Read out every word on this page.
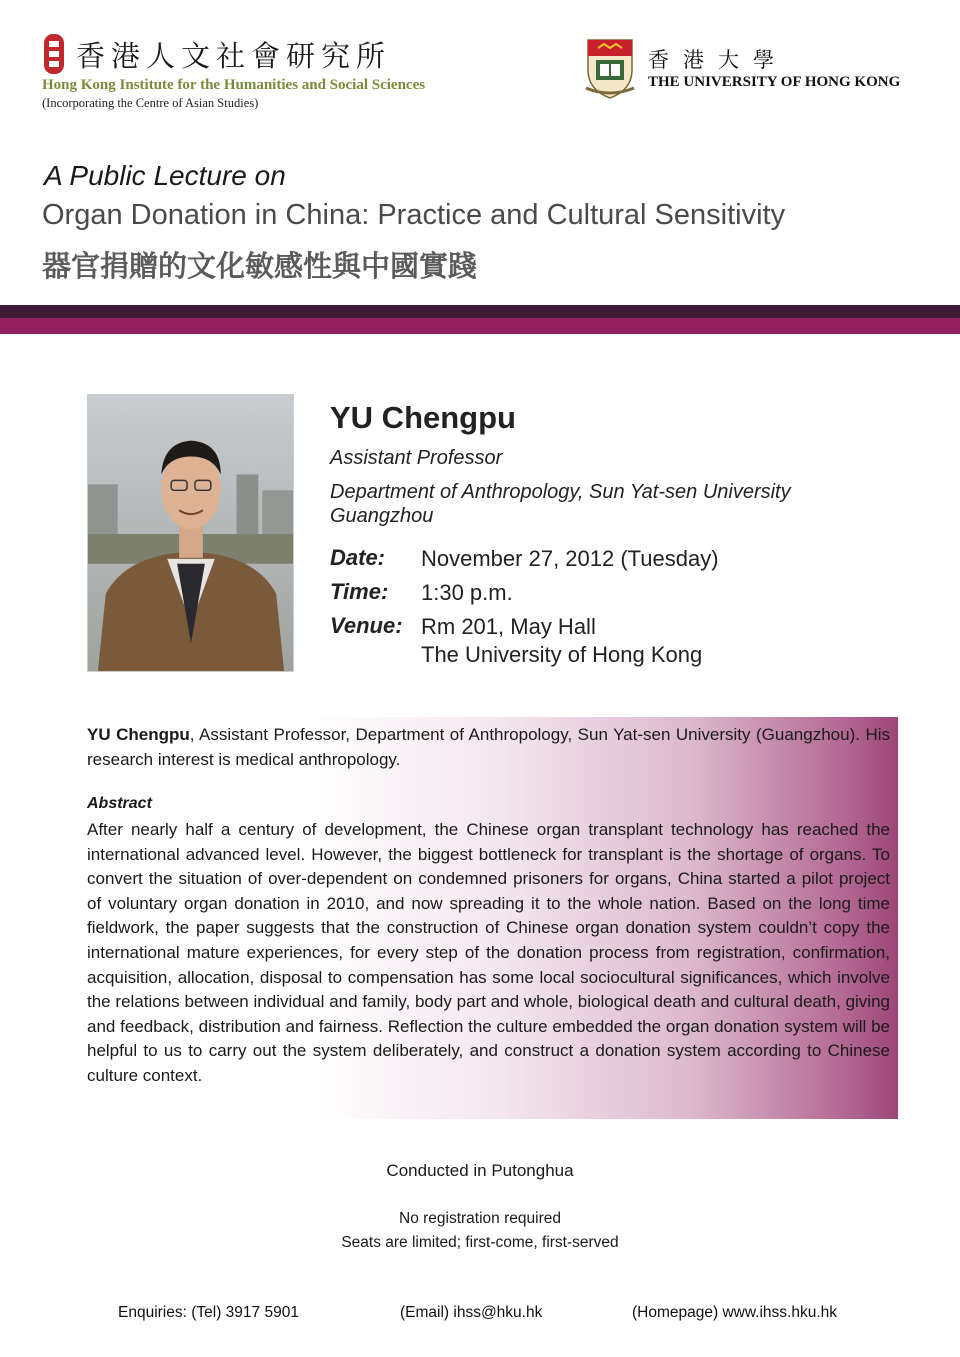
香港人文社會研究所
Hong Kong Institute for the Humanities and Social Sciences
(Incorporating the Centre of Asian Studies)
香港大學
THE UNIVERSITY OF HONG KONG
A Public Lecture on
Organ Donation in China: Practice and Cultural Sensitivity
器官捐贈的文化敏感性與中國實踐
YU Chengpu
Assistant Professor
Department of Anthropology, Sun Yat-sen University
Guangzhou
Date: November 27, 2012 (Tuesday)
Time: 1:30 p.m.
Venue: Rm 201, May Hall
The University of Hong Kong
YU Chengpu, Assistant Professor, Department of Anthropology, Sun Yat-sen University (Guangzhou). His research interest is medical anthropology.
Abstract
After nearly half a century of development, the Chinese organ transplant technology has reached the international advanced level. However, the biggest bottleneck for transplant is the shortage of organs. To convert the situation of over-dependent on condemned prisoners for organs, China started a pilot project of voluntary organ donation in 2010, and now spreading it to the whole nation. Based on the long time fieldwork, the paper suggests that the construction of Chinese organ donation system couldn’t copy the international mature experiences, for every step of the donation process from registration, confirmation, acquisition, allocation, disposal to compensation has some local sociocultural significances, which involve the relations between individual and family, body part and whole, biological death and cultural death, giving and feedback, distribution and fairness. Reflection the culture embedded the organ donation system will be helpful to us to carry out the system deliberately, and construct a donation system according to Chinese culture context.
Conducted in Putonghua
No registration required
Seats are limited; first-come, first-served
Enquiries: (Tel) 3917 5901	(Email) ihss@hku.hk	(Homepage) www.ihss.hku.hk
